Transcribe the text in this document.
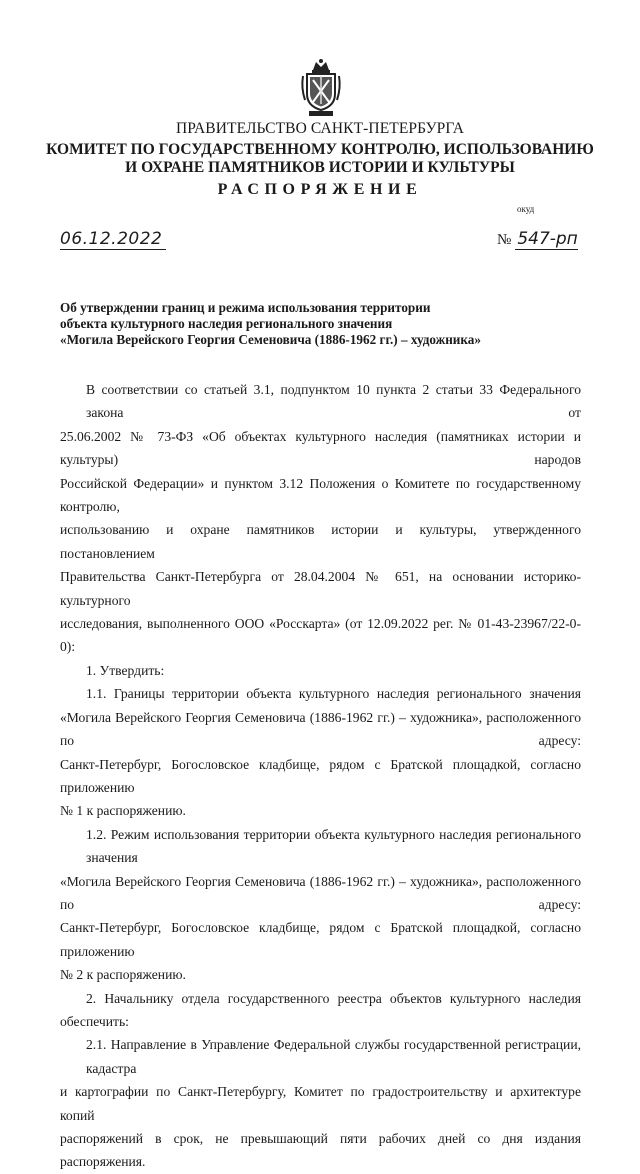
ПРАВИТЕЛЬСТВО САНКТ-ПЕТЕРБУРГА
КОМИТЕТ ПО ГОСУДАРСТВЕННОМУ КОНТРОЛЮ, ИСПОЛЬЗОВАНИЮ
И ОХРАНЕ ПАМЯТНИКОВ ИСТОРИИ И КУЛЬТУРЫ
РАСПОРЯЖЕНИЕ
окуд
06.12.2022	№ 547-рп
Об утверждении границ и режима использования территории
объекта культурного наследия регионального значения
«Могила Верейского Георгия Семеновича (1886-1962 гг.) – художника»

В соответствии со статьей 3.1, подпунктом 10 пункта 2 статьи 33 Федерального закона от
25.06.2002 № 73-ФЗ «Об объектах культурного наследия (памятниках истории и культуры) народов
Российской Федерации» и пунктом 3.12 Положения о Комитете по государственному контролю,
использованию и охране памятников истории и культуры, утвержденного постановлением
Правительства Санкт-Петербурга от 28.04.2004 № 651, на основании историко-культурного
исследования, выполненного ООО «Росскарта» (от 12.09.2022 рег. № 01-43-23967/22-0-0):

1. Утвердить:

1.1. Границы территории объекта культурного наследия регионального значения
«Могила Верейского Георгия Семеновича (1886-1962 гг.) – художника», расположенного по адресу:
Санкт-Петербург, Богословское кладбище, рядом с Братской площадкой, согласно приложению
№ 1 к распоряжению.

1.2. Режим использования территории объекта культурного наследия регионального значения
«Могила Верейского Георгия Семеновича (1886-1962 гг.) – художника», расположенного по адресу:
Санкт-Петербург, Богословское кладбище, рядом с Братской площадкой, согласно приложению
№ 2 к распоряжению.

2. Начальнику отдела государственного реестра объектов культурного наследия обеспечить:

2.1. Направление в Управление Федеральной службы государственной регистрации, кадастра
и картографии по Санкт-Петербургу, Комитет по градостроительству и архитектуре копий
распоряжений в срок, не превышающий пяти рабочих дней со дня издания распоряжения.
